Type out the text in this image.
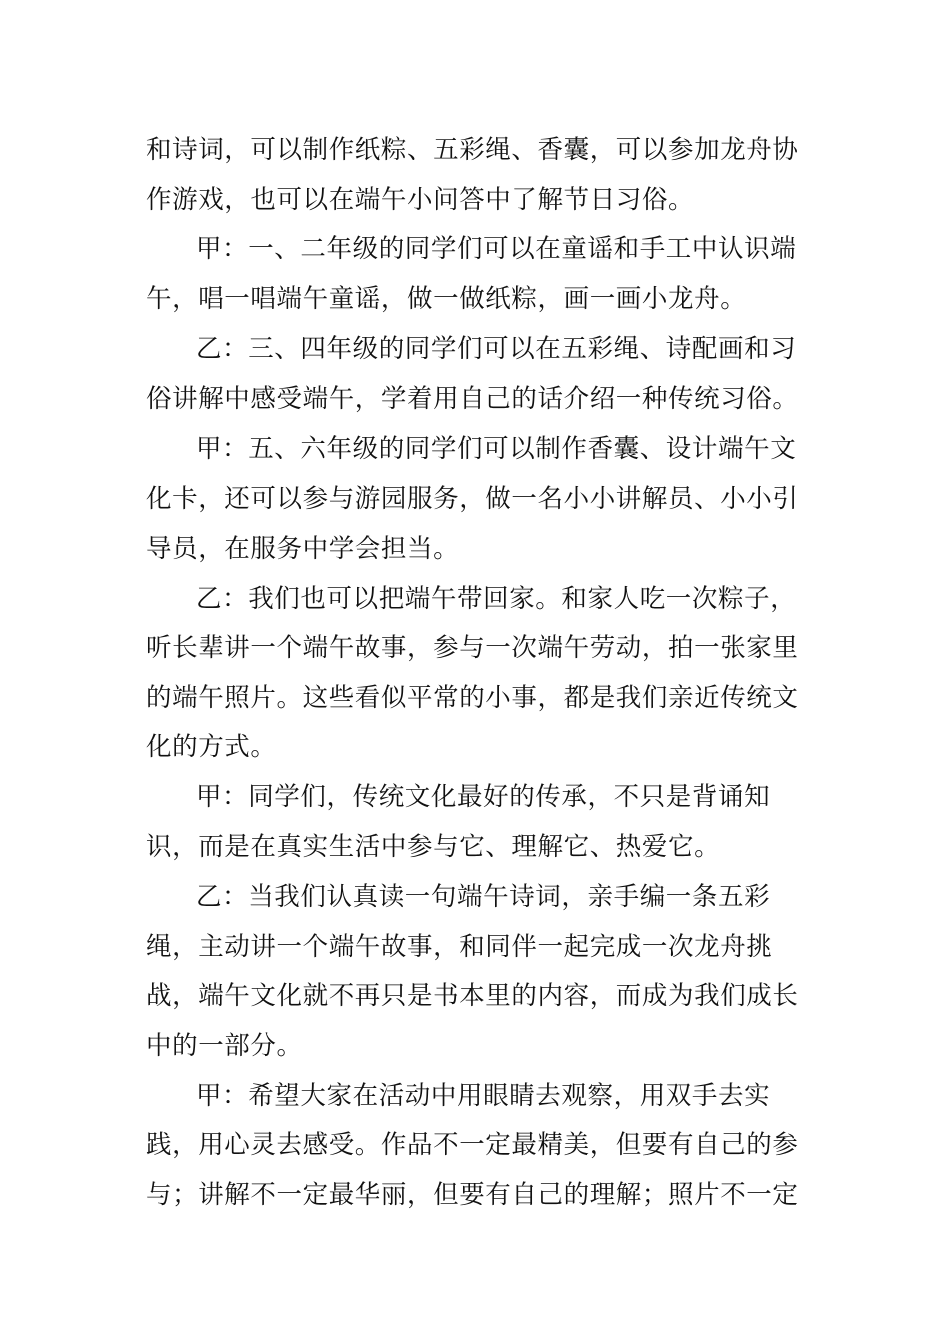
和诗词，可以制作纸粽、五彩绳、香囊，可以参加龙舟协
作游戏，也可以在端午小问答中了解节日习俗。
甲：一、二年级的同学们可以在童谣和手工中认识端
午，唱一唱端午童谣，做一做纸粽，画一画小龙舟。
乙：三、四年级的同学们可以在五彩绳、诗配画和习
俗讲解中感受端午，学着用自己的话介绍一种传统习俗。
甲：五、六年级的同学们可以制作香囊、设计端午文
化卡，还可以参与游园服务，做一名小小讲解员、小小引
导员，在服务中学会担当。
乙：我们也可以把端午带回家。和家人吃一次粽子，
听长辈讲一个端午故事，参与一次端午劳动，拍一张家里
的端午照片。这些看似平常的小事，都是我们亲近传统文
化的方式。
甲：同学们，传统文化最好的传承，不只是背诵知
识，而是在真实生活中参与它、理解它、热爱它。
乙：当我们认真读一句端午诗词，亲手编一条五彩
绳，主动讲一个端午故事，和同伴一起完成一次龙舟挑
战，端午文化就不再只是书本里的内容，而成为我们成长
中的一部分。
甲：希望大家在活动中用眼睛去观察，用双手去实
践，用心灵去感受。作品不一定最精美，但要有自己的参
与；讲解不一定最华丽，但要有自己的理解；照片不一定
